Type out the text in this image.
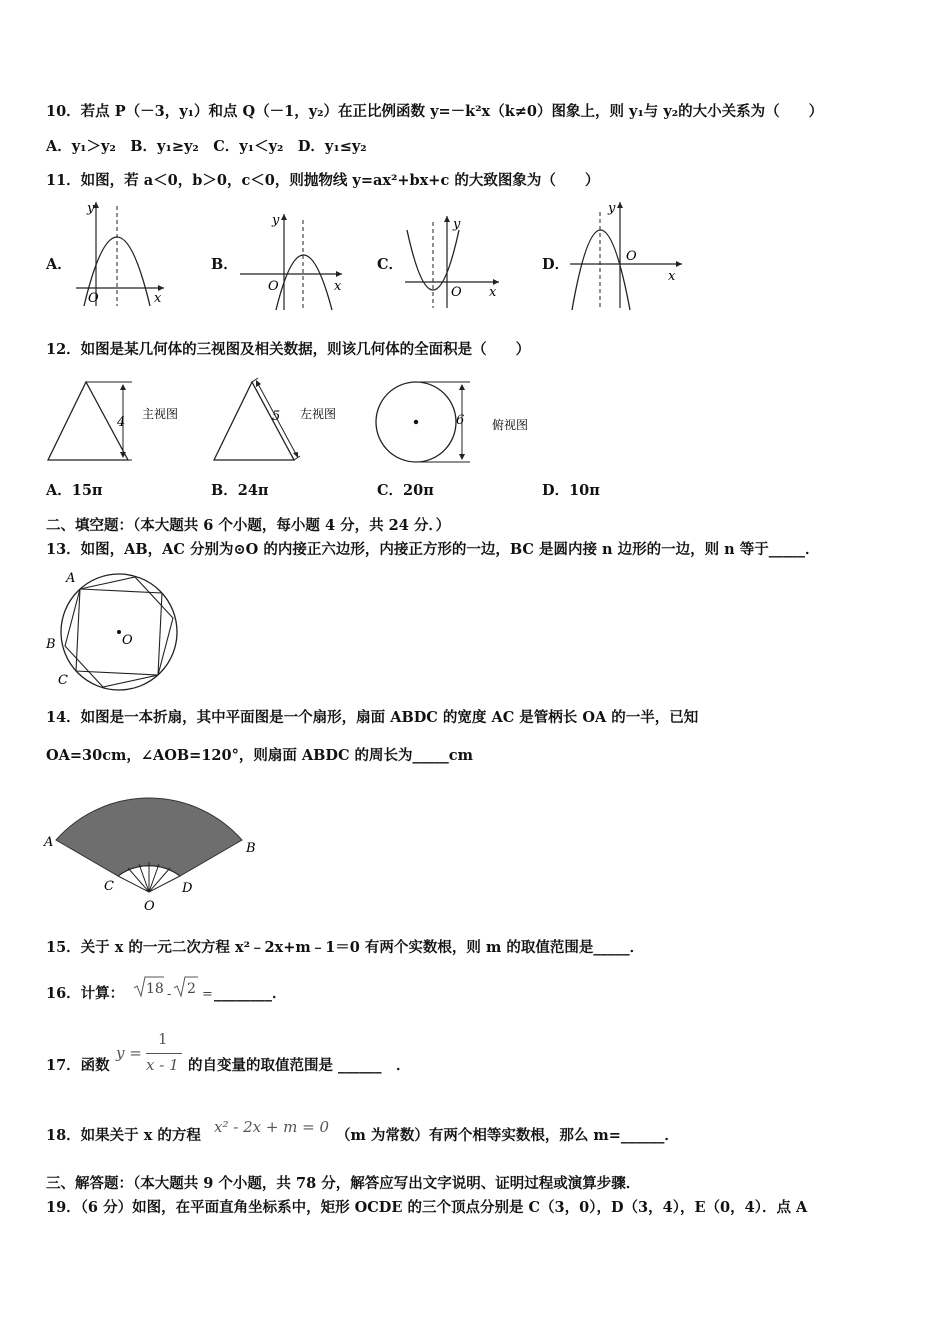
10．若点 P（－3，y₁）和点 Q（－1，y₂）在正比例函数 y=－k²x（k≠0）图象上，则 y₁与 y₂的大小关系为（　　）
A．y₁＞y₂　B．y₁≥y₂　C．y₁＜y₂　D．y₁≤y₂
11．如图，若 a＜0，b＞0，c＜0，则抛物线 y=ax²+bx+c 的大致图象为（　　）
A．
y
x
O
B．
y
x
O
C．
y
x
O
D．
y
x
O
12．如图是某几何体的三视图及相关数据，则该几何体的全面积是（　　）
4
主视图	5 左视图	6 俯视图
A．15π	B．24π	C．20π	D．10π
二、填空题：（本大题共 6 个小题，每小题 4 分，共 24 分．）
13．如图，AB，AC 分别为⊙O 的内接正六边形，内接正方形的一边，BC 是圆内接 n 边形的一边，则 n 等于_____．
A
B
C
O
14．如图是一本折扇，其中平面图是一个扇形，扇面 ABDC 的宽度 AC 是管柄长 OA 的一半，已知
OA=30cm，∠AOB=120°，则扇面 ABDC 的周长为_____cm
A	B
C	D
O
15．关于 x 的一元二次方程 x²﹣2x+m﹣1＝0 有两个实数根，则 m 的取值范围是_____．
16．计算： 18 - 2 = ________．
17．函数
y =
1
x - 1 的自变量的取值范围是 ______　．
18．如果关于 x 的方程 x² - 2x + m = 0 （m 为常数）有两个相等实数根，那么 m=______．
三、解答题：（本大题共 9 个小题，共 78 分，解答应写出文字说明、证明过程或演算步骤．
19．（6 分）如图，在平面直角坐标系中，矩形 OCDE 的三个顶点分别是 C（3，0），D（3，4），E（0，4）．点 A
